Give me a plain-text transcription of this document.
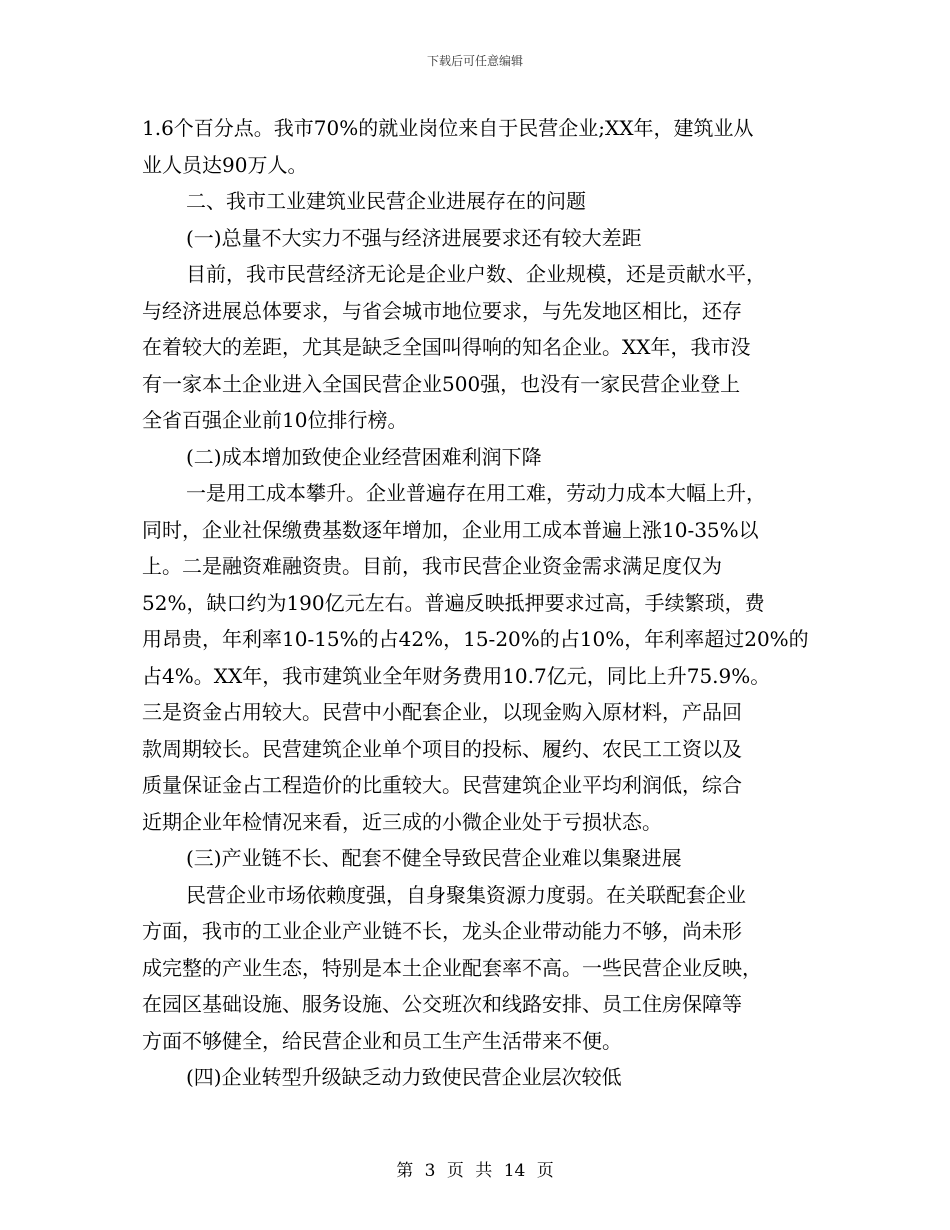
下载后可任意编辑
1.6个百分点。我市70%的就业岗位来自于民营企业;XX年，建筑业从
业人员达90万人。
二、我市工业建筑业民营企业进展存在的问题
(一)总量不大实力不强与经济进展要求还有较大差距
目前，我市民营经济无论是企业户数、企业规模，还是贡献水平，
与经济进展总体要求，与省会城市地位要求，与先发地区相比，还存
在着较大的差距，尤其是缺乏全国叫得响的知名企业。XX年，我市没
有一家本土企业进入全国民营企业500强，也没有一家民营企业登上
全省百强企业前10位排行榜。
(二)成本增加致使企业经营困难利润下降
一是用工成本攀升。企业普遍存在用工难，劳动力成本大幅上升，
同时，企业社保缴费基数逐年增加，企业用工成本普遍上涨10-35%以
上。二是融资难融资贵。目前，我市民营企业资金需求满足度仅为
52%，缺口约为190亿元左右。普遍反映抵押要求过高，手续繁琐，费
用昂贵，年利率10-15%的占42%，15-20%的占10%，年利率超过20%的
占4%。XX年，我市建筑业全年财务费用10.7亿元，同比上升75.9%。
三是资金占用较大。民营中小配套企业，以现金购入原材料，产品回
款周期较长。民营建筑企业单个项目的投标、履约、农民工工资以及
质量保证金占工程造价的比重较大。民营建筑企业平均利润低，综合
近期企业年检情况来看，近三成的小微企业处于亏损状态。
(三)产业链不长、配套不健全导致民营企业难以集聚进展
民营企业市场依赖度强，自身聚集资源力度弱。在关联配套企业
方面，我市的工业企业产业链不长，龙头企业带动能力不够，尚未形
成完整的产业生态，特别是本土企业配套率不高。一些民营企业反映，
在园区基础设施、服务设施、公交班次和线路安排、员工住房保障等
方面不够健全，给民营企业和员工生产生活带来不便。
(四)企业转型升级缺乏动力致使民营企业层次较低
第 3 页 共 14 页
